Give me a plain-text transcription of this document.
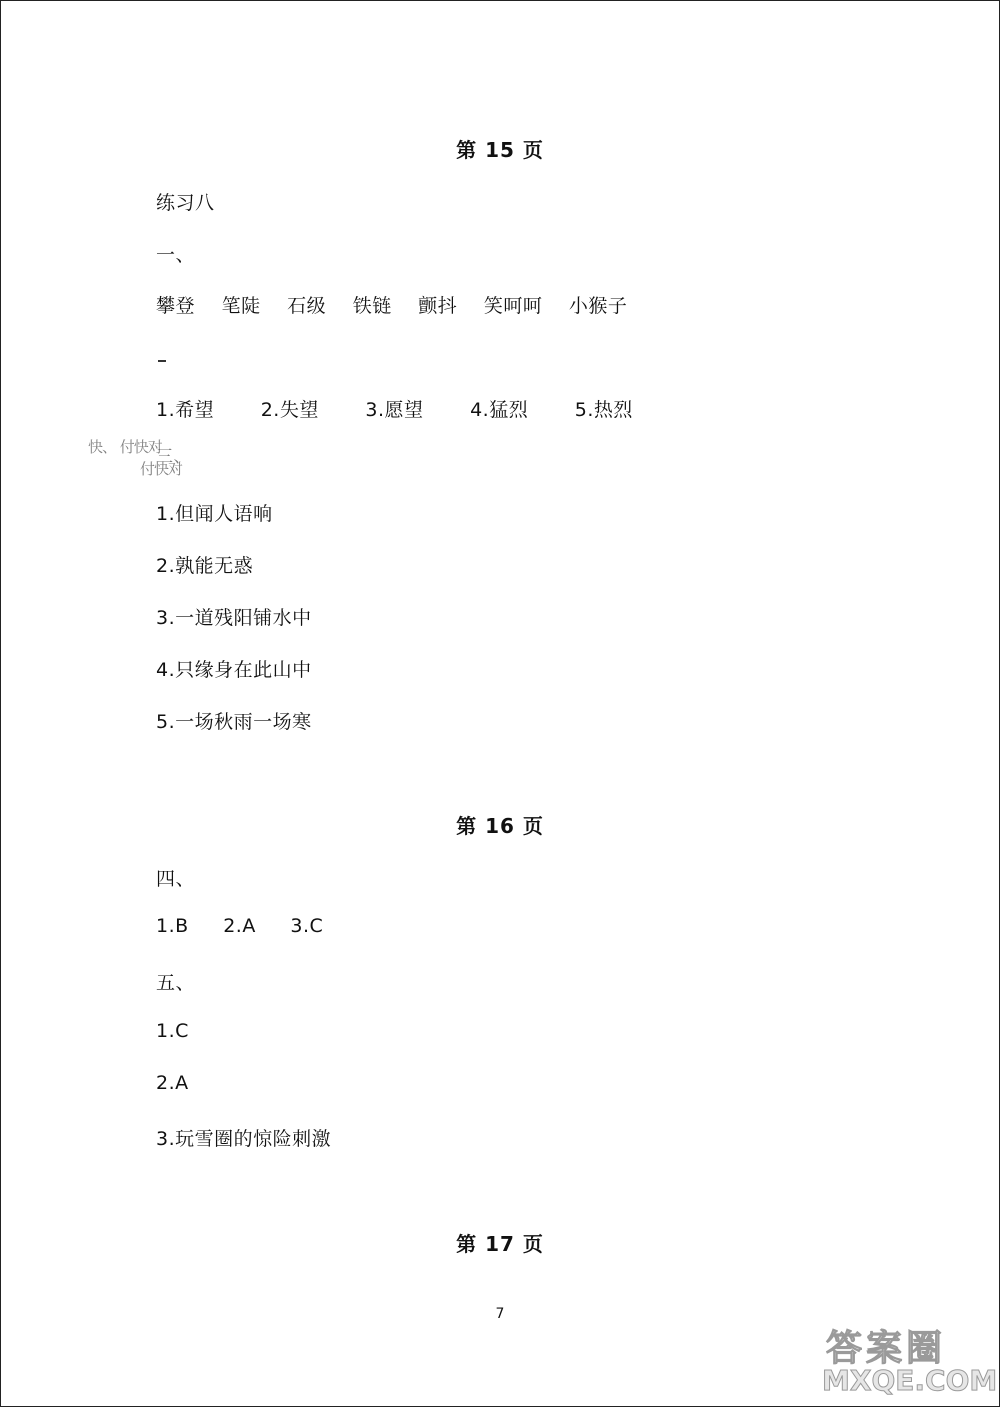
第 15 页
练习八
一、
攀登 笔陡 石级 铁链 颤抖 笑呵呵 小猴子
1.希望 2.失望 3.愿望 4.猛烈 5.热烈
快、 付快对
付快对
三、
1.但闻人语响
2.孰能无惑
3.一道残阳铺水中
4.只缘身在此山中
5.一场秋雨一场寒
第 16 页
四、
1.B 2.A 3.C
五、
1.C
2.A
3.玩雪圈的惊险刺激
第 17 页
7
答案圈
MXQE.COM
